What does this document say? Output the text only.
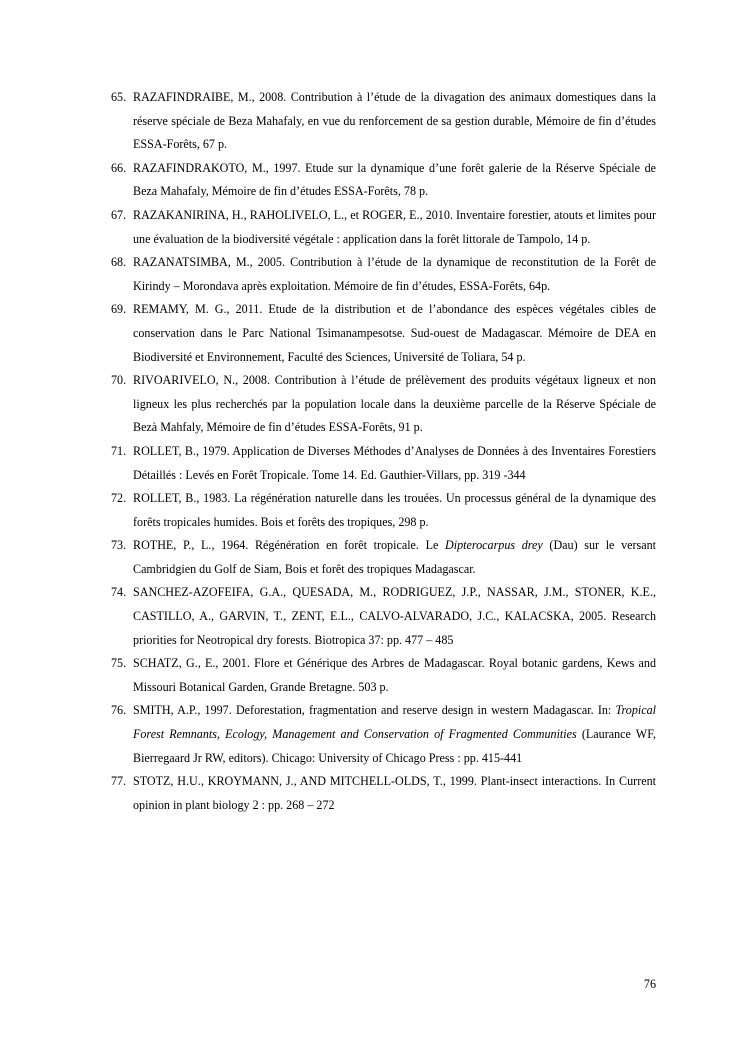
65. RAZAFINDRAIBE, M., 2008. Contribution à l’étude de la divagation des animaux domestiques dans la réserve spéciale de Beza Mahafaly, en vue du renforcement de sa gestion durable, Mémoire de fin d’études ESSA-Forêts, 67 p.
66. RAZAFINDRAKOTO, M., 1997. Etude sur la dynamique d’une forêt galerie de la Réserve Spéciale de Beza Mahafaly, Mémoire de fin d’études ESSA-Forêts, 78 p.
67. RAZAKANIRINA, H., RAHOLIVELO, L., et ROGER, E., 2010. Inventaire forestier, atouts et limites pour une évaluation de la biodiversité végétale : application dans la forêt littorale de Tampolo, 14 p.
68. RAZANATSIMBA, M., 2005. Contribution à l’étude de la dynamique de reconstitution de la Forêt de Kirindy – Morondava après exploitation. Mémoire de fin d’études, ESSA-Forêts, 64p.
69. REMAMY, M. G., 2011. Etude de la distribution et de l’abondance des espèces végétales cibles de conservation dans le Parc National Tsimanampesotse. Sud-ouest de Madagascar. Mémoire de DEA en Biodiversité et Environnement, Faculté des Sciences, Université de Toliara, 54 p.
70. RIVOARIVELO, N., 2008. Contribution à l’étude de prélèvement des produits végétaux ligneux et non ligneux les plus recherchés par la population locale dans la deuxième parcelle de la Réserve Spéciale de Bezà Mahfaly, Mémoire de fin d’études ESSA-Forêts, 91 p.
71. ROLLET, B., 1979. Application de Diverses Méthodes d’Analyses de Données à des Inventaires Forestiers Détaillés : Levés en Forêt Tropicale. Tome 14. Ed. Gauthier-Villars, pp. 319 -344
72. ROLLET, B., 1983. La régénération naturelle dans les trouées. Un processus général de la dynamique des forêts tropicales humides. Bois et forêts des tropiques, 298 p.
73. ROTHE, P., L., 1964. Régénération en forêt tropicale. Le Dipterocarpus drey (Dau) sur le versant Cambridgien du Golf de Siam, Bois et forêt des tropiques Madagascar.
74. SANCHEZ-AZOFEIFA, G.A., QUESADA, M., RODRIGUEZ, J.P., NASSAR, J.M., STONER, K.E., CASTILLO, A., GARVIN, T., ZENT, E.L., CALVO-ALVARADO, J.C., KALACSKA, 2005. Research priorities for Neotropical dry forests. Biotropica 37: pp. 477 – 485
75. SCHATZ, G., E., 2001. Flore et Générique des Arbres de Madagascar. Royal botanic gardens, Kews and Missouri Botanical Garden, Grande Bretagne. 503 p.
76. SMITH, A.P., 1997. Deforestation, fragmentation and reserve design in western Madagascar. In: Tropical Forest Remnants, Ecology, Management and Conservation of Fragmented Communities (Laurance WF, Bierregaard Jr RW, editors). Chicago: University of Chicago Press : pp. 415-441
77. STOTZ, H.U., KROYMANN, J., AND MITCHELL-OLDS, T., 1999. Plant-insect interactions. In Current opinion in plant biology 2 : pp. 268 – 272
76
